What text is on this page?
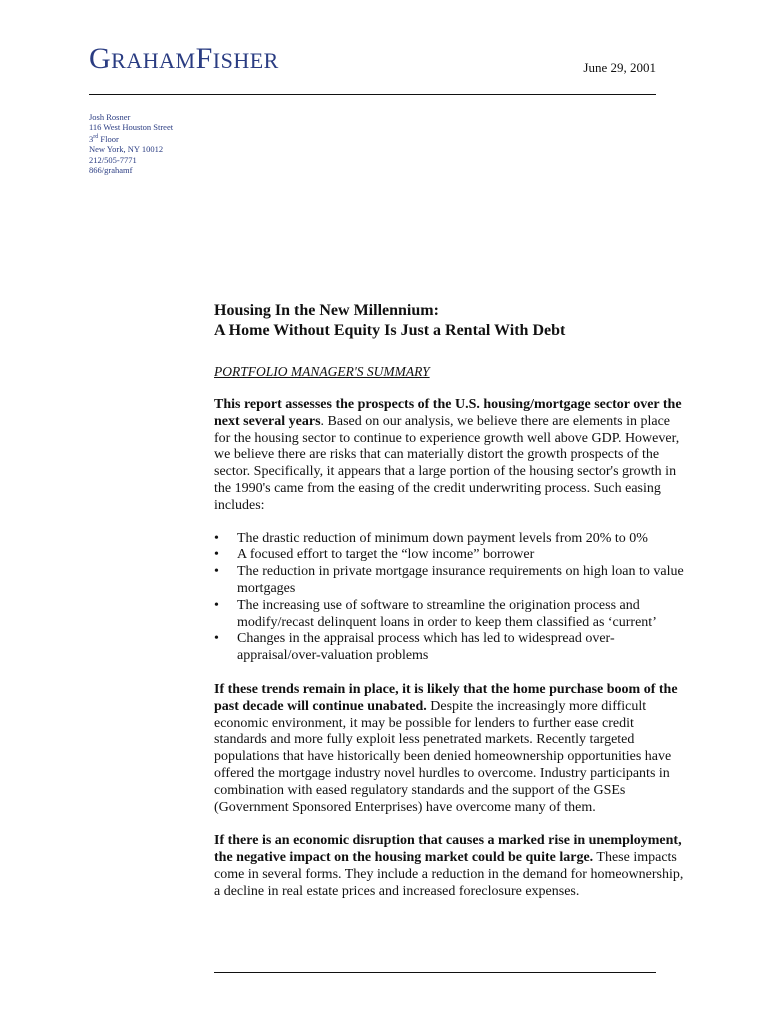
GRAHAMFISHER	June 29, 2001
Josh Rosner
116 West Houston Street
3rd Floor
New York, NY 10012
212/505-7771
866/grahamf
Housing In the New Millennium:
A Home Without Equity Is Just a Rental With Debt
PORTFOLIO MANAGER'S SUMMARY

This report assesses the prospects of the U.S. housing/mortgage sector over the next several years. Based on our analysis, we believe there are elements in place for the housing sector to continue to experience growth well above GDP. However, we believe there are risks that can materially distort the growth prospects of the sector. Specifically, it appears that a large portion of the housing sector's growth in the 1990's came from the easing of the credit underwriting process. Such easing includes:

• The drastic reduction of minimum down payment levels from 20% to 0%
• A focused effort to target the “low income” borrower
• The reduction in private mortgage insurance requirements on high loan to value mortgages
• The increasing use of software to streamline the origination process and modify/recast delinquent loans in order to keep them classified as ‘current’
• Changes in the appraisal process which has led to widespread over-appraisal/over-valuation problems

If these trends remain in place, it is likely that the home purchase boom of the past decade will continue unabated. Despite the increasingly more difficult economic environment, it may be possible for lenders to further ease credit standards and more fully exploit less penetrated markets. Recently targeted populations that have historically been denied homeownership opportunities have offered the mortgage industry novel hurdles to overcome. Industry participants in combination with eased regulatory standards and the support of the GSEs (Government Sponsored Enterprises) have overcome many of them.

If there is an economic disruption that causes a marked rise in unemployment, the negative impact on the housing market could be quite large. These impacts come in several forms. They include a reduction in the demand for homeownership, a decline in real estate prices and increased foreclosure expenses.
